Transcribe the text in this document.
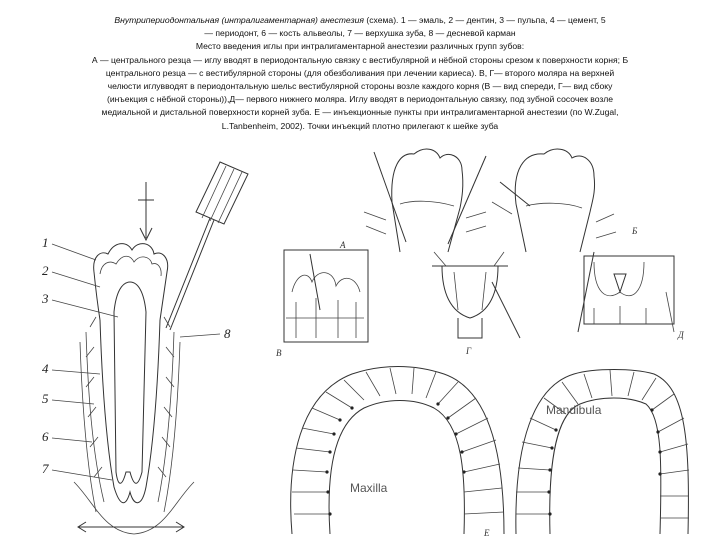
Внутрипериодонтальная (интралигаментарная) анестезия (схема). 1 — эмаль, 2 — дентин, 3 — пульпа, 4 — цемент, 5
— периодонт, 6 — кость альвеолы, 7 — верхушка зуба, 8 — десневой карман
Место введения иглы при интралигаментарной анестезии различных групп зубов:
А — центрального резца — иглу вводят в периодонтальную связку с вестибулярной и нёбной стороны срезом к поверхности корня; Б
центрального резца — с вестибулярной стороны (для обезболивания при лечении кариеса). В, Г— второго моляра на верхней
челюсти иглувводят в периодонтальную шельс вестибулярной стороны возле каждого корня (В — вид спереди, Г— вид сбоку
(инъекция с нёбной стороны)),Д— первого нижнего моляра. Иглу вводят в периодонтальную связку, под зубной сосочек возле
медиальной и дистальной поверхности корней зуба. Е — инъекционные пункты при интралигаментарной анестезии (по W.Zugal,
L.Tanbenheim, 2002). Точки инъекций плотно прилегают к шейке зуба
1
2
3
4
5
6
7
8
А
Б
В	Г
Д
Maxilla
Mandibula
Е
